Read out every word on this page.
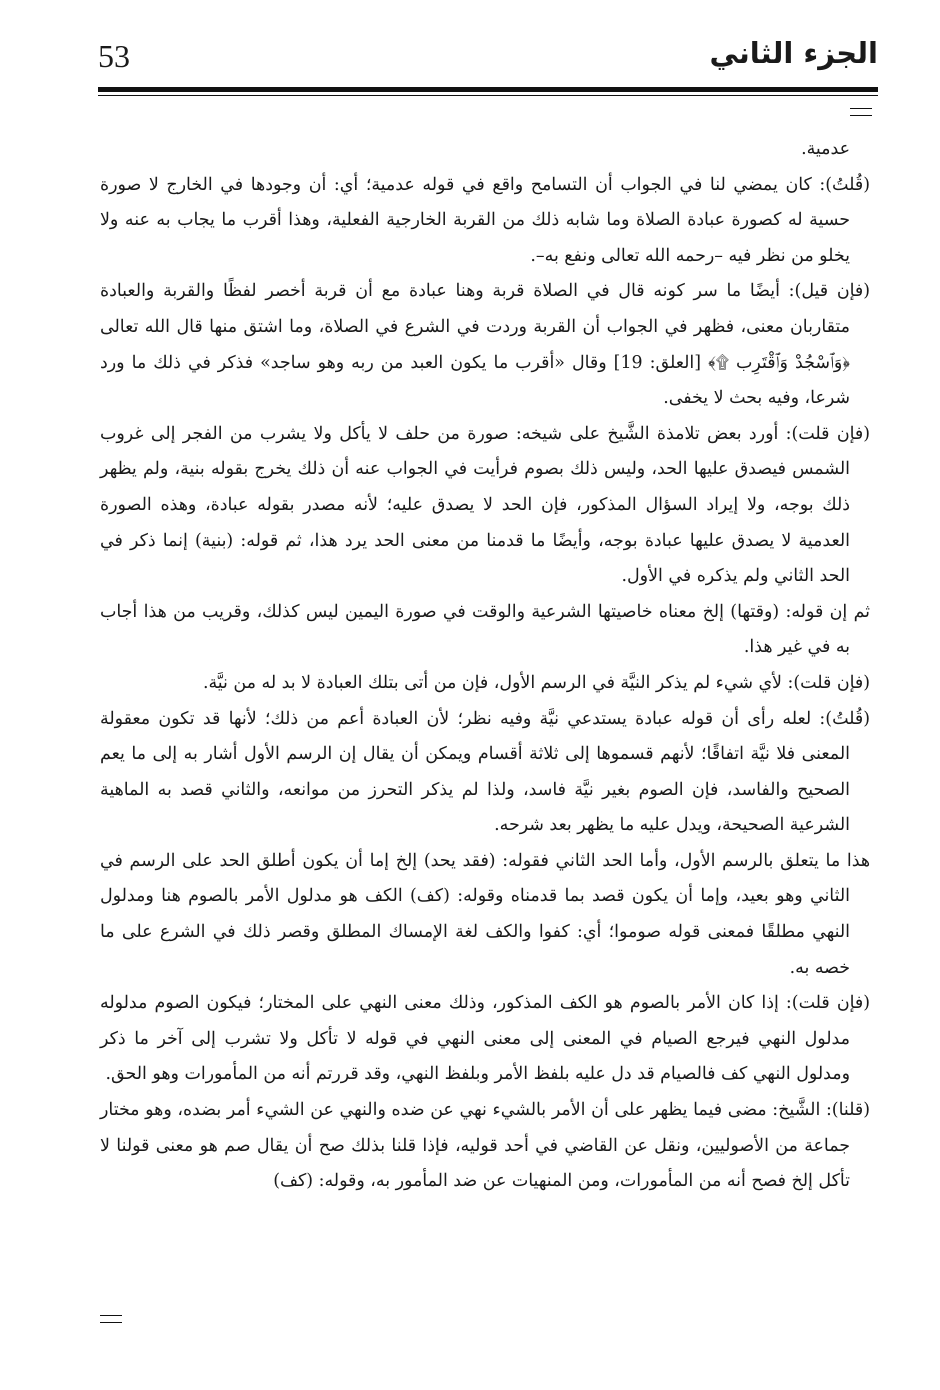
53	الجزء الثاني

عدمية.

(قُلتُ): كان يمضي لنا في الجواب أن التسامح واقع في قوله عدمية؛ أي: أن وجودها في الخارج لا صورة حسية له كصورة عبادة الصلاة وما شابه ذلك من القربة الخارجية الفعلية، وهذا أقرب ما يجاب به عنه ولا يخلو من نظر فيه –رحمه الله تعالى ونفع به–.

(فإن قيل): أيضًا ما سر كونه قال في الصلاة قربة وهنا عبادة مع أن قربة أخصر لفظًا والقربة والعبادة متقاربان معنى، فظهر في الجواب أن القربة وردت في الشرع في الصلاة، وما اشتق منها قال الله تعالى ﴿وَٱسْجُدْ وَٱقْتَرِب ۩﴾ [العلق: 19] وقال «أقرب ما يكون العبد من ربه وهو ساجد» فذكر في ذلك ما ورد شرعا، وفيه بحث لا يخفى.

(فإن قلت): أورد بعض تلامذة الشَّيخ على شيخه: صورة من حلف لا يأكل ولا يشرب من الفجر إلى غروب الشمس فيصدق عليها الحد، وليس ذلك بصوم فرأيت في الجواب عنه أن ذلك يخرج بقوله بنية، ولم يظهر ذلك بوجه، ولا إيراد السؤال المذكور، فإن الحد لا يصدق عليه؛ لأنه مصدر بقوله عبادة، وهذه الصورة العدمية لا يصدق عليها عبادة بوجه، وأيضًا ما قدمنا من معنى الحد يرد هذا، ثم قوله: (بنية) إنما ذكر في الحد الثاني ولم يذكره في الأول.

ثم إن قوله: (وقتها) إلخ معناه خاصيتها الشرعية والوقت في صورة اليمين ليس كذلك، وقريب من هذا أجاب به في غير هذا.

(فإن قلت): لأي شيء لم يذكر النيَّة في الرسم الأول، فإن من أتى بتلك العبادة لا بد له من نيَّة.

(قُلتُ): لعله رأى أن قوله عبادة يستدعي نيَّة وفيه نظر؛ لأن العبادة أعم من ذلك؛ لأنها قد تكون معقولة المعنى فلا نيَّة اتفاقًا؛ لأنهم قسموها إلى ثلاثة أقسام ويمكن أن يقال إن الرسم الأول أشار به إلى ما يعم الصحيح والفاسد، فإن الصوم بغير نيَّة فاسد، ولذا لم يذكر التحرز من موانعه، والثاني قصد به الماهية الشرعية الصحيحة، ويدل عليه ما يظهر بعد شرحه.

هذا ما يتعلق بالرسم الأول، وأما الحد الثاني فقوله: (فقد يحد) إلخ إما أن يكون أطلق الحد على الرسم في الثاني وهو بعيد، وإما أن يكون قصد بما قدمناه وقوله: (كف) الكف هو مدلول الأمر بالصوم هنا ومدلول النهي مطلقًا فمعنى قوله صوموا؛ أي: كفوا والكف لغة الإمساك المطلق وقصر ذلك في الشرع على ما خصه به.

(فإن قلت): إذا كان الأمر بالصوم هو الكف المذكور، وذلك معنى النهي على المختار؛ فيكون الصوم مدلوله مدلول النهي فيرجع الصيام في المعنى إلى معنى النهي في قوله لا تأكل ولا تشرب إلى آخر ما ذكر ومدلول النهي كف فالصيام قد دل عليه بلفظ الأمر وبلفظ النهي، وقد قررتم أنه من المأمورات وهو الحق.

(قلنا): الشَّيخ: مضى فيما يظهر على أن الأمر بالشيء نهي عن ضده والنهي عن الشيء أمر بضده، وهو مختار جماعة من الأصوليين، ونقل عن القاضي في أحد قوليه، فإذا قلنا بذلك صح أن يقال صم هو معنى قولنا لا تأكل إلخ فصح أنه من المأمورات، ومن المنهيات عن ضد المأمور به، وقوله: (كف)
